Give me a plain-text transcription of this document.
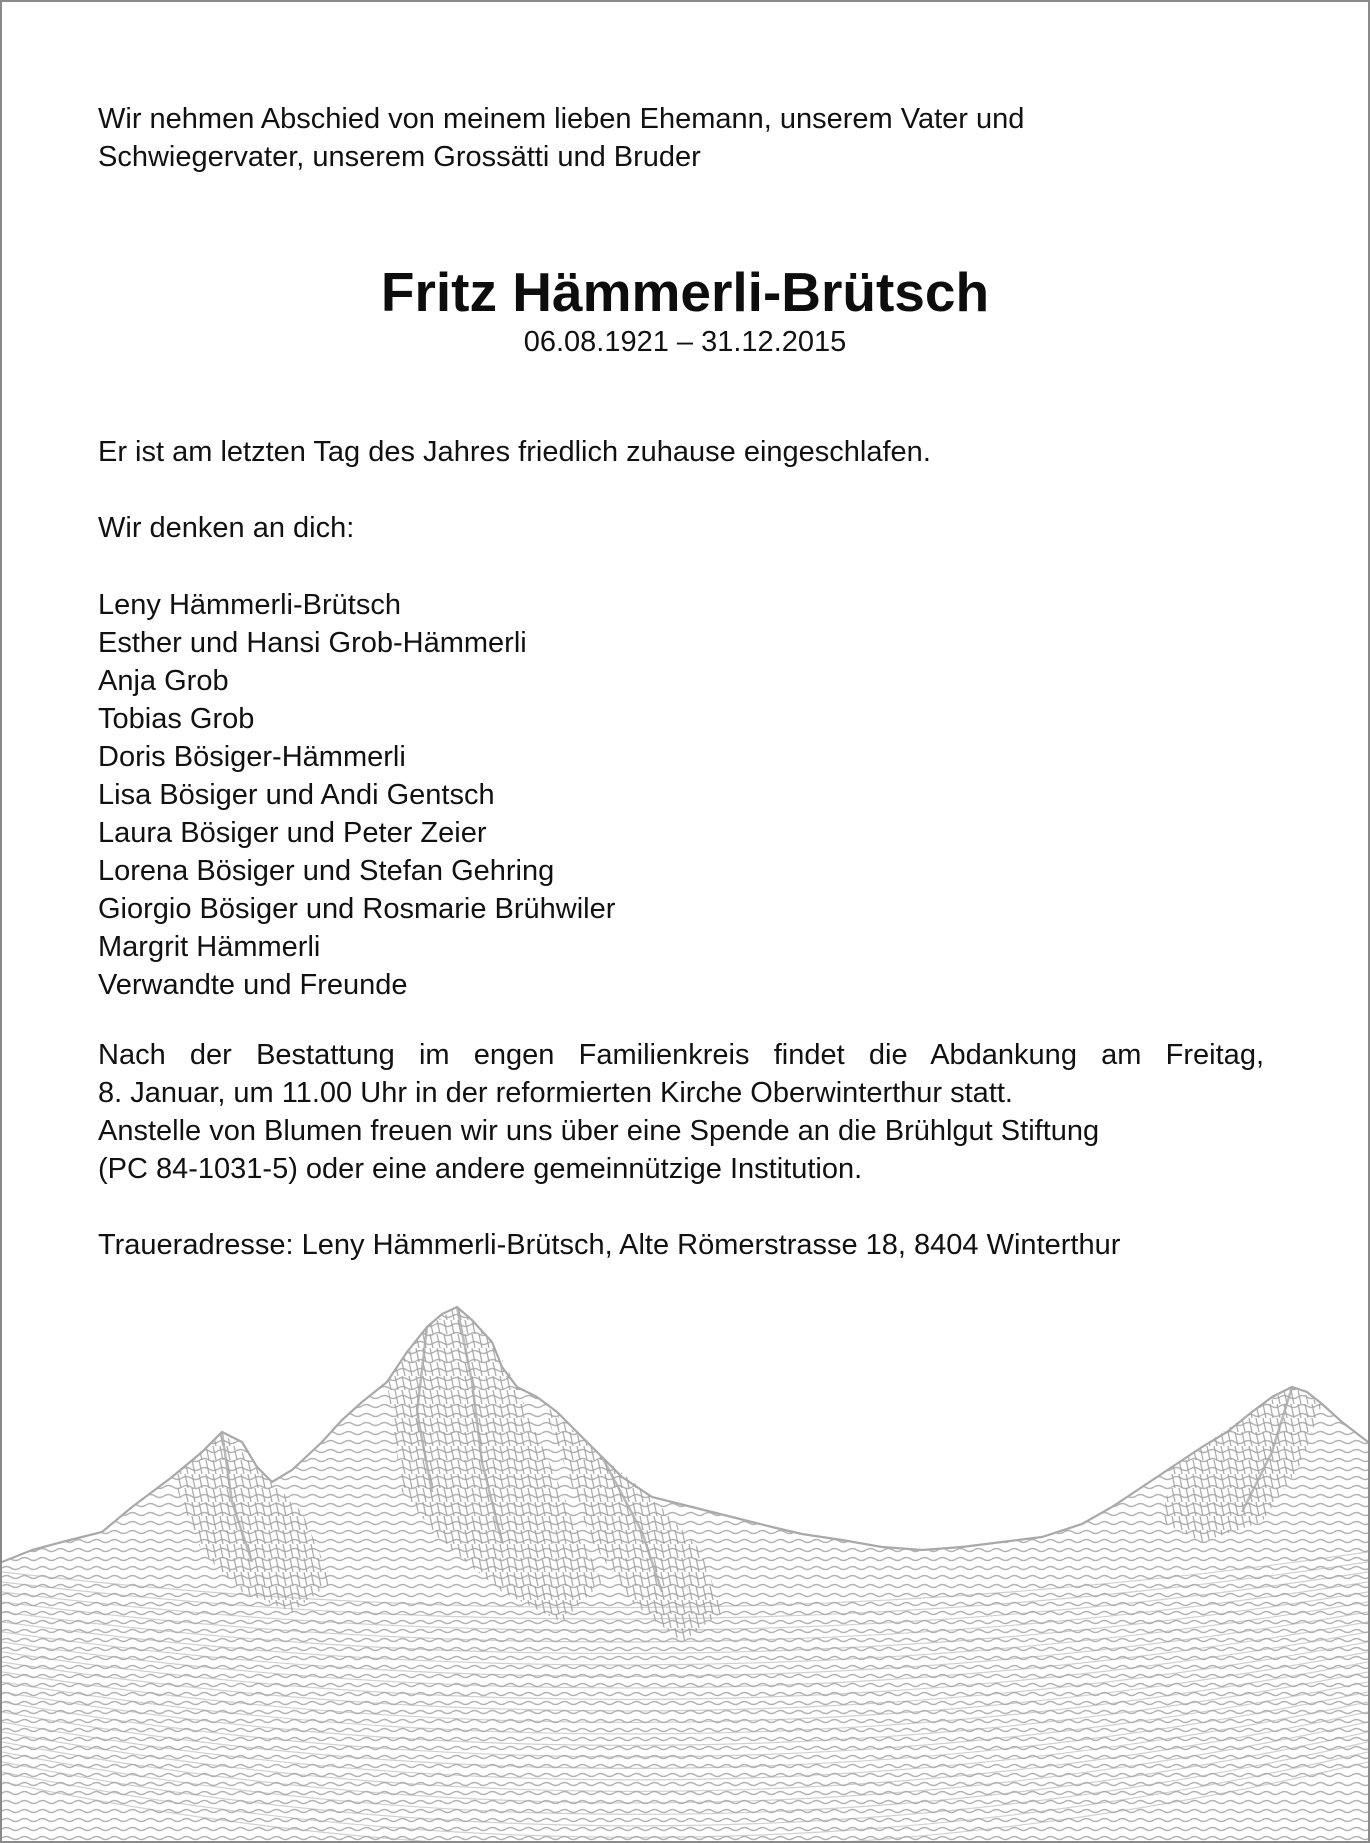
Wir nehmen Abschied von meinem lieben Ehemann, unserem Vater und
Schwiegervater, unserem Grossätti und Bruder
Fritz Hämmerli-Brütsch
06.08.1921 – 31.12.2015
Er ist am letzten Tag des Jahres friedlich zuhause eingeschlafen.
Wir denken an dich:
Leny Hämmerli-Brütsch
Esther und Hansi Grob-Hämmerli
Anja Grob
Tobias Grob
Doris Bösiger-Hämmerli
Lisa Bösiger und Andi Gentsch
Laura Bösiger und Peter Zeier
Lorena Bösiger und Stefan Gehring
Giorgio Bösiger und Rosmarie Brühwiler
Margrit Hämmerli
Verwandte und Freunde
Nach der Bestattung im engen Familienkreis findet die Abdankung am Freitag,
8. Januar, um 11.00 Uhr in der reformierten Kirche Oberwinterthur statt.
Anstelle von Blumen freuen wir uns über eine Spende an die Brühlgut Stiftung
(PC 84-1031-5) oder eine andere gemeinnützige Institution.
Traueradresse: Leny Hämmerli-Brütsch, Alte Römerstrasse 18, 8404 Winterthur
